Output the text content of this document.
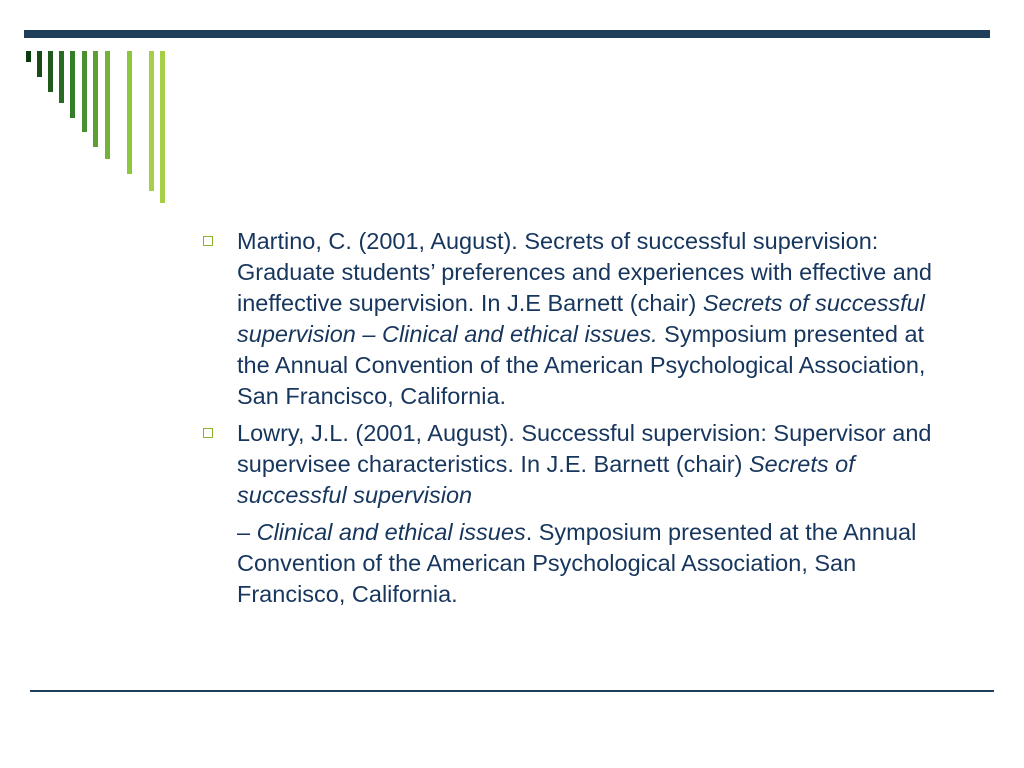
Martino, C. (2001, August). Secrets of successful supervision: Graduate students’ preferences and experiences with effective and ineffective supervision. In J.E Barnett (chair) Secrets of successful supervision – Clinical and ethical issues. Symposium presented at the Annual Convention of the American Psychological Association, San Francisco, California.
Lowry, J.L. (2001, August). Successful supervision: Supervisor and supervisee characteristics. In J.E. Barnett (chair) Secrets of successful supervision
– Clinical and ethical issues. Symposium presented at the Annual Convention of the American Psychological Association, San Francisco, California.
